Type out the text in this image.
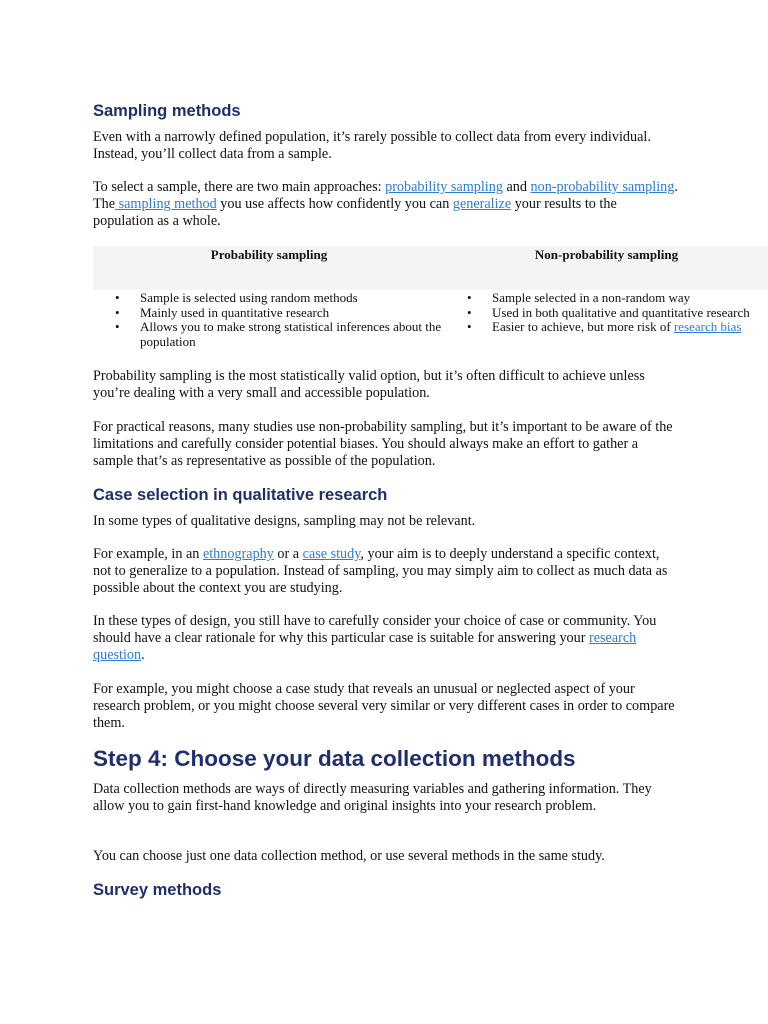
Sampling methods

Even with a narrowly defined population, it’s rarely possible to collect data from every individual. Instead, you’ll collect data from a sample.

To select a sample, there are two main approaches: probability sampling and non-probability sampling. The sampling method you use affects how confidently you can generalize your results to the population as a whole.

Probability sampling	Non-probability sampling
• Sample is selected using random methods
• Mainly used in quantitative research
• Allows you to make strong statistical inferences about the population
• Sample selected in a non-random way
• Used in both qualitative and quantitative research
• Easier to achieve, but more risk of research bias

Probability sampling is the most statistically valid option, but it’s often difficult to achieve unless you’re dealing with a very small and accessible population.

For practical reasons, many studies use non-probability sampling, but it’s important to be aware of the limitations and carefully consider potential biases. You should always make an effort to gather a sample that’s as representative as possible of the population.

Case selection in qualitative research

In some types of qualitative designs, sampling may not be relevant.

For example, in an ethnography or a case study, your aim is to deeply understand a specific context, not to generalize to a population. Instead of sampling, you may simply aim to collect as much data as possible about the context you are studying.

In these types of design, you still have to carefully consider your choice of case or community. You should have a clear rationale for why this particular case is suitable for answering your research question.

For example, you might choose a case study that reveals an unusual or neglected aspect of your research problem, or you might choose several very similar or very different cases in order to compare them.

Step 4: Choose your data collection methods

Data collection methods are ways of directly measuring variables and gathering information. They allow you to gain first-hand knowledge and original insights into your research problem.

You can choose just one data collection method, or use several methods in the same study.

Survey methods
